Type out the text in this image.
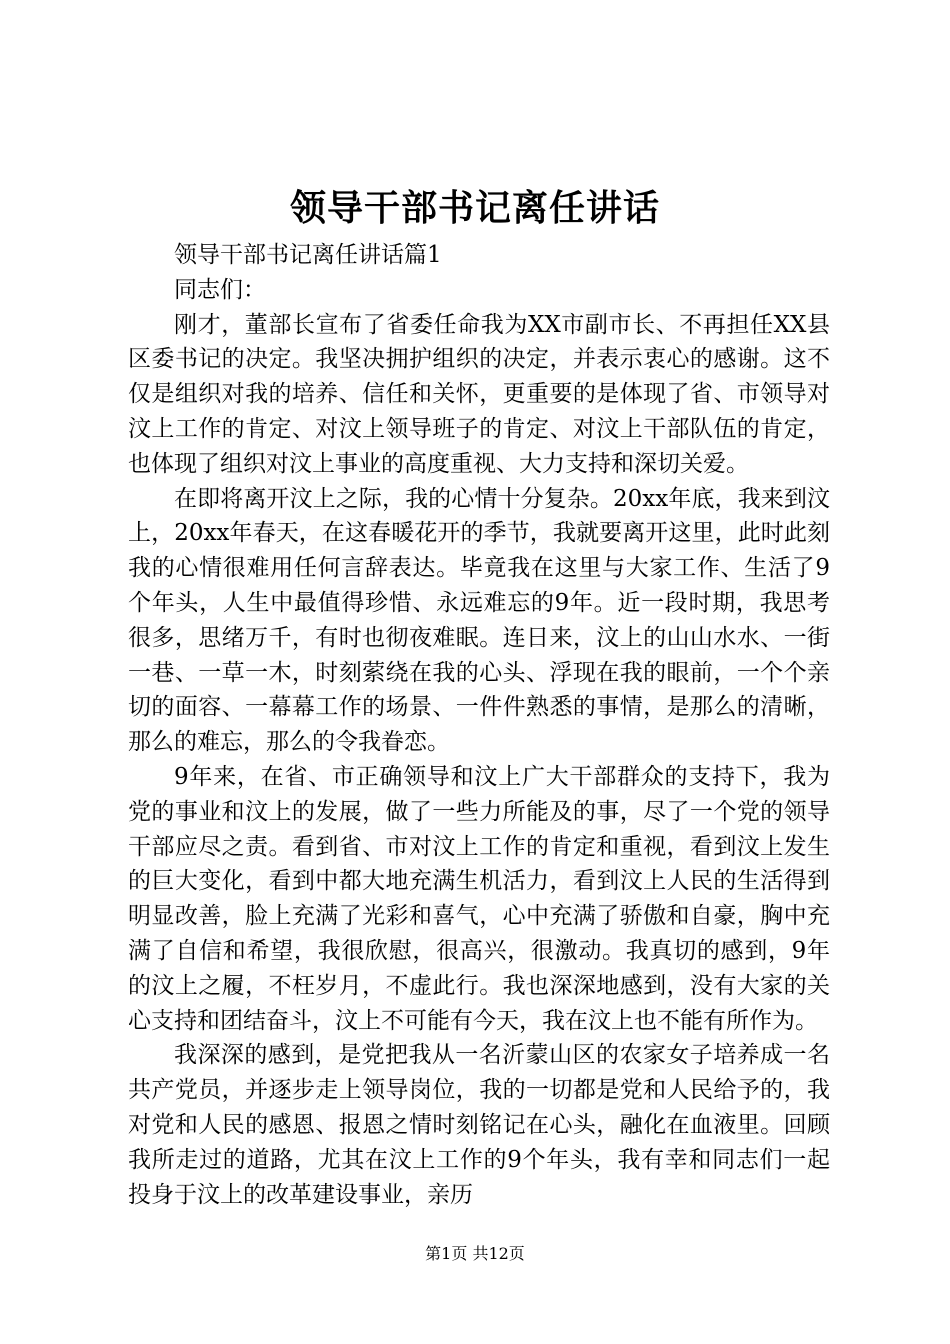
领导干部书记离任讲话

领导干部书记离任讲话篇1

同志们：

刚才，董部长宣布了省委任命我为XX市副市长、不再担任XX县区委书记的决定。我坚决拥护组织的决定，并表示衷心的感谢。这不仅是组织对我的培养、信任和关怀，更重要的是体现了省、市领导对汶上工作的肯定、对汶上领导班子的肯定、对汶上干部队伍的肯定，也体现了组织对汶上事业的高度重视、大力支持和深切关爱。

在即将离开汶上之际，我的心情十分复杂。20xx年底，我来到汶上，20xx年春天，在这春暖花开的季节，我就要离开这里，此时此刻我的心情很难用任何言辞表达。毕竟我在这里与大家工作、生活了9个年头，人生中最值得珍惜、永远难忘的9年。近一段时期，我思考很多，思绪万千，有时也彻夜难眠。连日来，汶上的山山水水、一街一巷、一草一木，时刻萦绕在我的心头、浮现在我的眼前，一个个亲切的面容、一幕幕工作的场景、一件件熟悉的事情，是那么的清晰，那么的难忘，那么的令我眷恋。

9年来，在省、市正确领导和汶上广大干部群众的支持下，我为党的事业和汶上的发展，做了一些力所能及的事，尽了一个党的领导干部应尽之责。看到省、市对汶上工作的肯定和重视，看到汶上发生的巨大变化，看到中都大地充满生机活力，看到汶上人民的生活得到明显改善，脸上充满了光彩和喜气，心中充满了骄傲和自豪，胸中充满了自信和希望，我很欣慰，很高兴，很激动。我真切的感到，9年的汶上之履，不枉岁月，不虚此行。我也深深地感到，没有大家的关心支持和团结奋斗，汶上不可能有今天，我在汶上也不能有所作为。

我深深的感到，是党把我从一名沂蒙山区的农家女子培养成一名共产党员，并逐步走上领导岗位，我的一切都是党和人民给予的，我对党和人民的感恩、报恩之情时刻铭记在心头，融化在血液里。回顾我所走过的道路，尤其在汶上工作的9个年头，我有幸和同志们一起投身于汶上的改革建设事业，亲历

第1页 共12页
